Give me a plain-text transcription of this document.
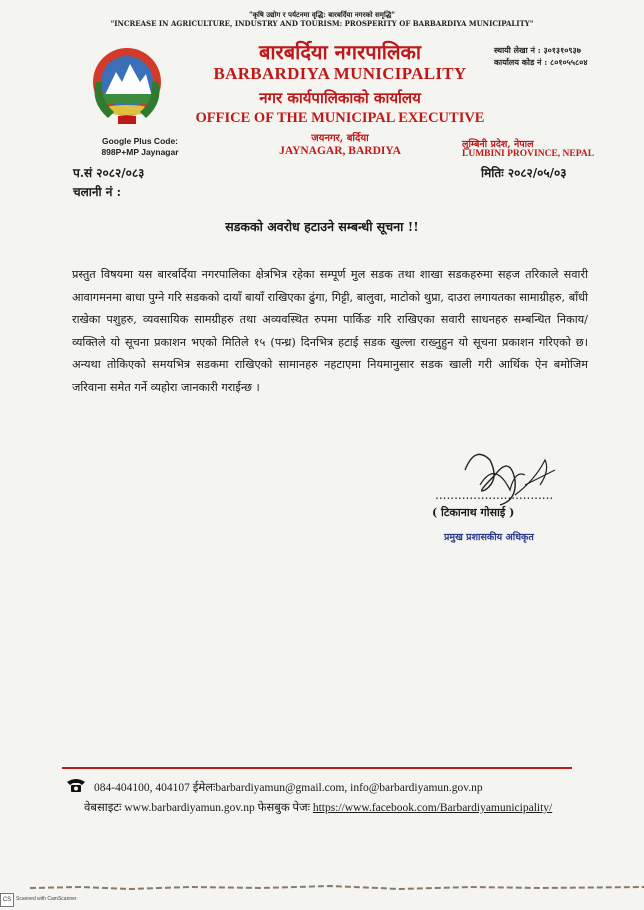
"कृषि उद्योग र पर्यटनमा वृद्धि: बारबर्दिया नगरको समृद्धि"
"INCREASE IN AGRICULTURE, INDUSTRY AND TOURISM: PROSPERITY OF BARBARDIYA MUNICIPALITY"
बारबर्दिया नगरपालिका
BARBARDIYA MUNICIPALITY
नगर कार्यपालिकाको कार्यालय
OFFICE OF THE MUNICIPAL EXECUTIVE
जयनगर, बर्दिया
JAYNAGAR, BARDIYA
Google Plus Code:
898P+MP Jaynagar
स्थायी लेखा नं : ३०१३१०९३७
कार्यालय कोड नं : ८०१०५५८०४
लुम्बिनी प्रदेश, नेपाल
LUMBINI PROVINCE, NEPAL
प.सं २०८२/०८३
चलानी नं :
मितिः २०८२/०५/०३
सडकको अवरोध हटाउने सम्बन्धी सूचना !!
प्रस्तुत विषयमा यस बारबर्दिया नगरपालिका क्षेत्रभित्र रहेका सम्पूर्ण मुल सडक तथा शाखा सडकहरुमा सहज तरिकाले सवारी आवागमनमा बाधा पुग्ने गरि सडकको दायाँ बायाँ राखिएका ढुंगा, गिट्टी, बालुवा, माटोको थुप्रा, दाउरा लगायतका सामाग्रीहरु, बाँधी राखेका पशुहरु, व्यवसायिक सामग्रीहरु तथा अव्यवस्थित रुपमा पार्किङ गरि राखिएका सवारी साधनहरु सम्बन्धित निकाय/व्यक्तिले यो सूचना प्रकाशन भएको मितिले १५ (पन्ध्र) दिनभित्र हटाई सडक खुल्ला राख्नुहुन यो सूचना प्रकाशन गरिएको छ। अन्यथा तोकिएको समयभित्र सडकमा राखिएको सामानहरु नहटाएमा नियमानुसार सडक खाली गरी आर्थिक ऐन बमोजिम जरिवाना समेत गर्ने व्यहोरा जानकारी गराईन्छ ।
...............................
( टिकानाथ गोसाई )
प्रमुख प्रशासकीय अधिकृत
084-404100, 404107 ईमेलःbarbardiyamun@gmail.com, info@barbardiyamun.gov.np
वेबसाइटः www.barbardiyamun.gov.np फेसबुक पेजः https://www.facebook.com/Barbardiyamunicipality/
CS Scanned with CamScanner
